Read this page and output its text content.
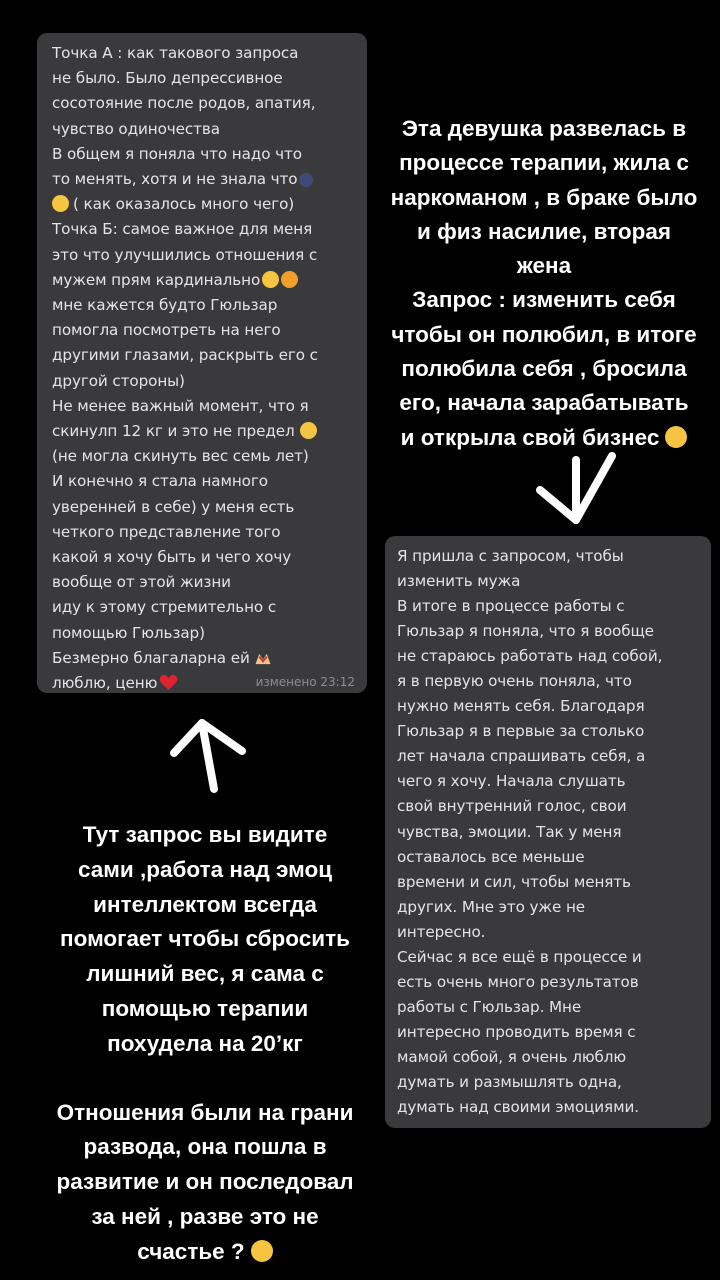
Точка А : как такового запроса
не было. Было депрессивное
сосотояние после родов, апатия,
чувство одиночества
В общем я поняла что надо что
то менять, хотя и не знала что
( как оказалось много чего)
Точка Б: самое важное для меня
это что улучшились отношения с
мужем прям кардинально
мне кажется будто Гюльзар
помогла посмотреть на него
другими глазами, раскрыть его с
другой стороны)
Не менее важный момент, что я
скинулп 12 кг и это не предел
(не могла скинуть вес семь лет)
И конечно я стала намного
уверенней в себе) у меня есть
четкого представление того
какой я хочу быть и чего хочу
вообще от этой жизни
иду к этому стремительно с
помощью Гюльзар)
Безмерно благаларна ей
люблю, ценю	изменено 23:12
Эта девушка развелась в
процессе терапии, жила с
наркоманом , в браке было
и физ насилие, вторая
жена
Запрос : изменить себя
чтобы он полюбил, в итоге
полюбила себя , бросила
его, начала зарабатывать
и открыла свой бизнес
Я пришла с запросом, чтобы
изменить мужа
В итоге в процессе работы с
Гюльзар я поняла, что я вообще
не стараюсь работать над собой,
я в первую очень поняла, что
нужно менять себя. Благодаря
Гюльзар я в первые за столько
лет начала спрашивать себя, а
чего я хочу. Начала слушать
свой внутренний голос, свои
чувства, эмоции. Так у меня
оставалось все меньше
времени и сил, чтобы менять
других. Мне это уже не
интересно.
Сейчас я все ещё в процессе и
есть очень много результатов
работы с Гюльзар. Мне
интересно проводить время с
мамой собой, я очень люблю
думать и размышлять одна,
думать над своими эмоциями.
Тут запрос вы видите
сами ,работа над эмоц
интеллектом всегда
помогает чтобы сбросить
лишний вес, я сама с
помощью терапии
похудела на 20’кг
Отношения были на грани
развода, она пошла в
развитие и он последовал
за ней , разве это не
счастье ?
